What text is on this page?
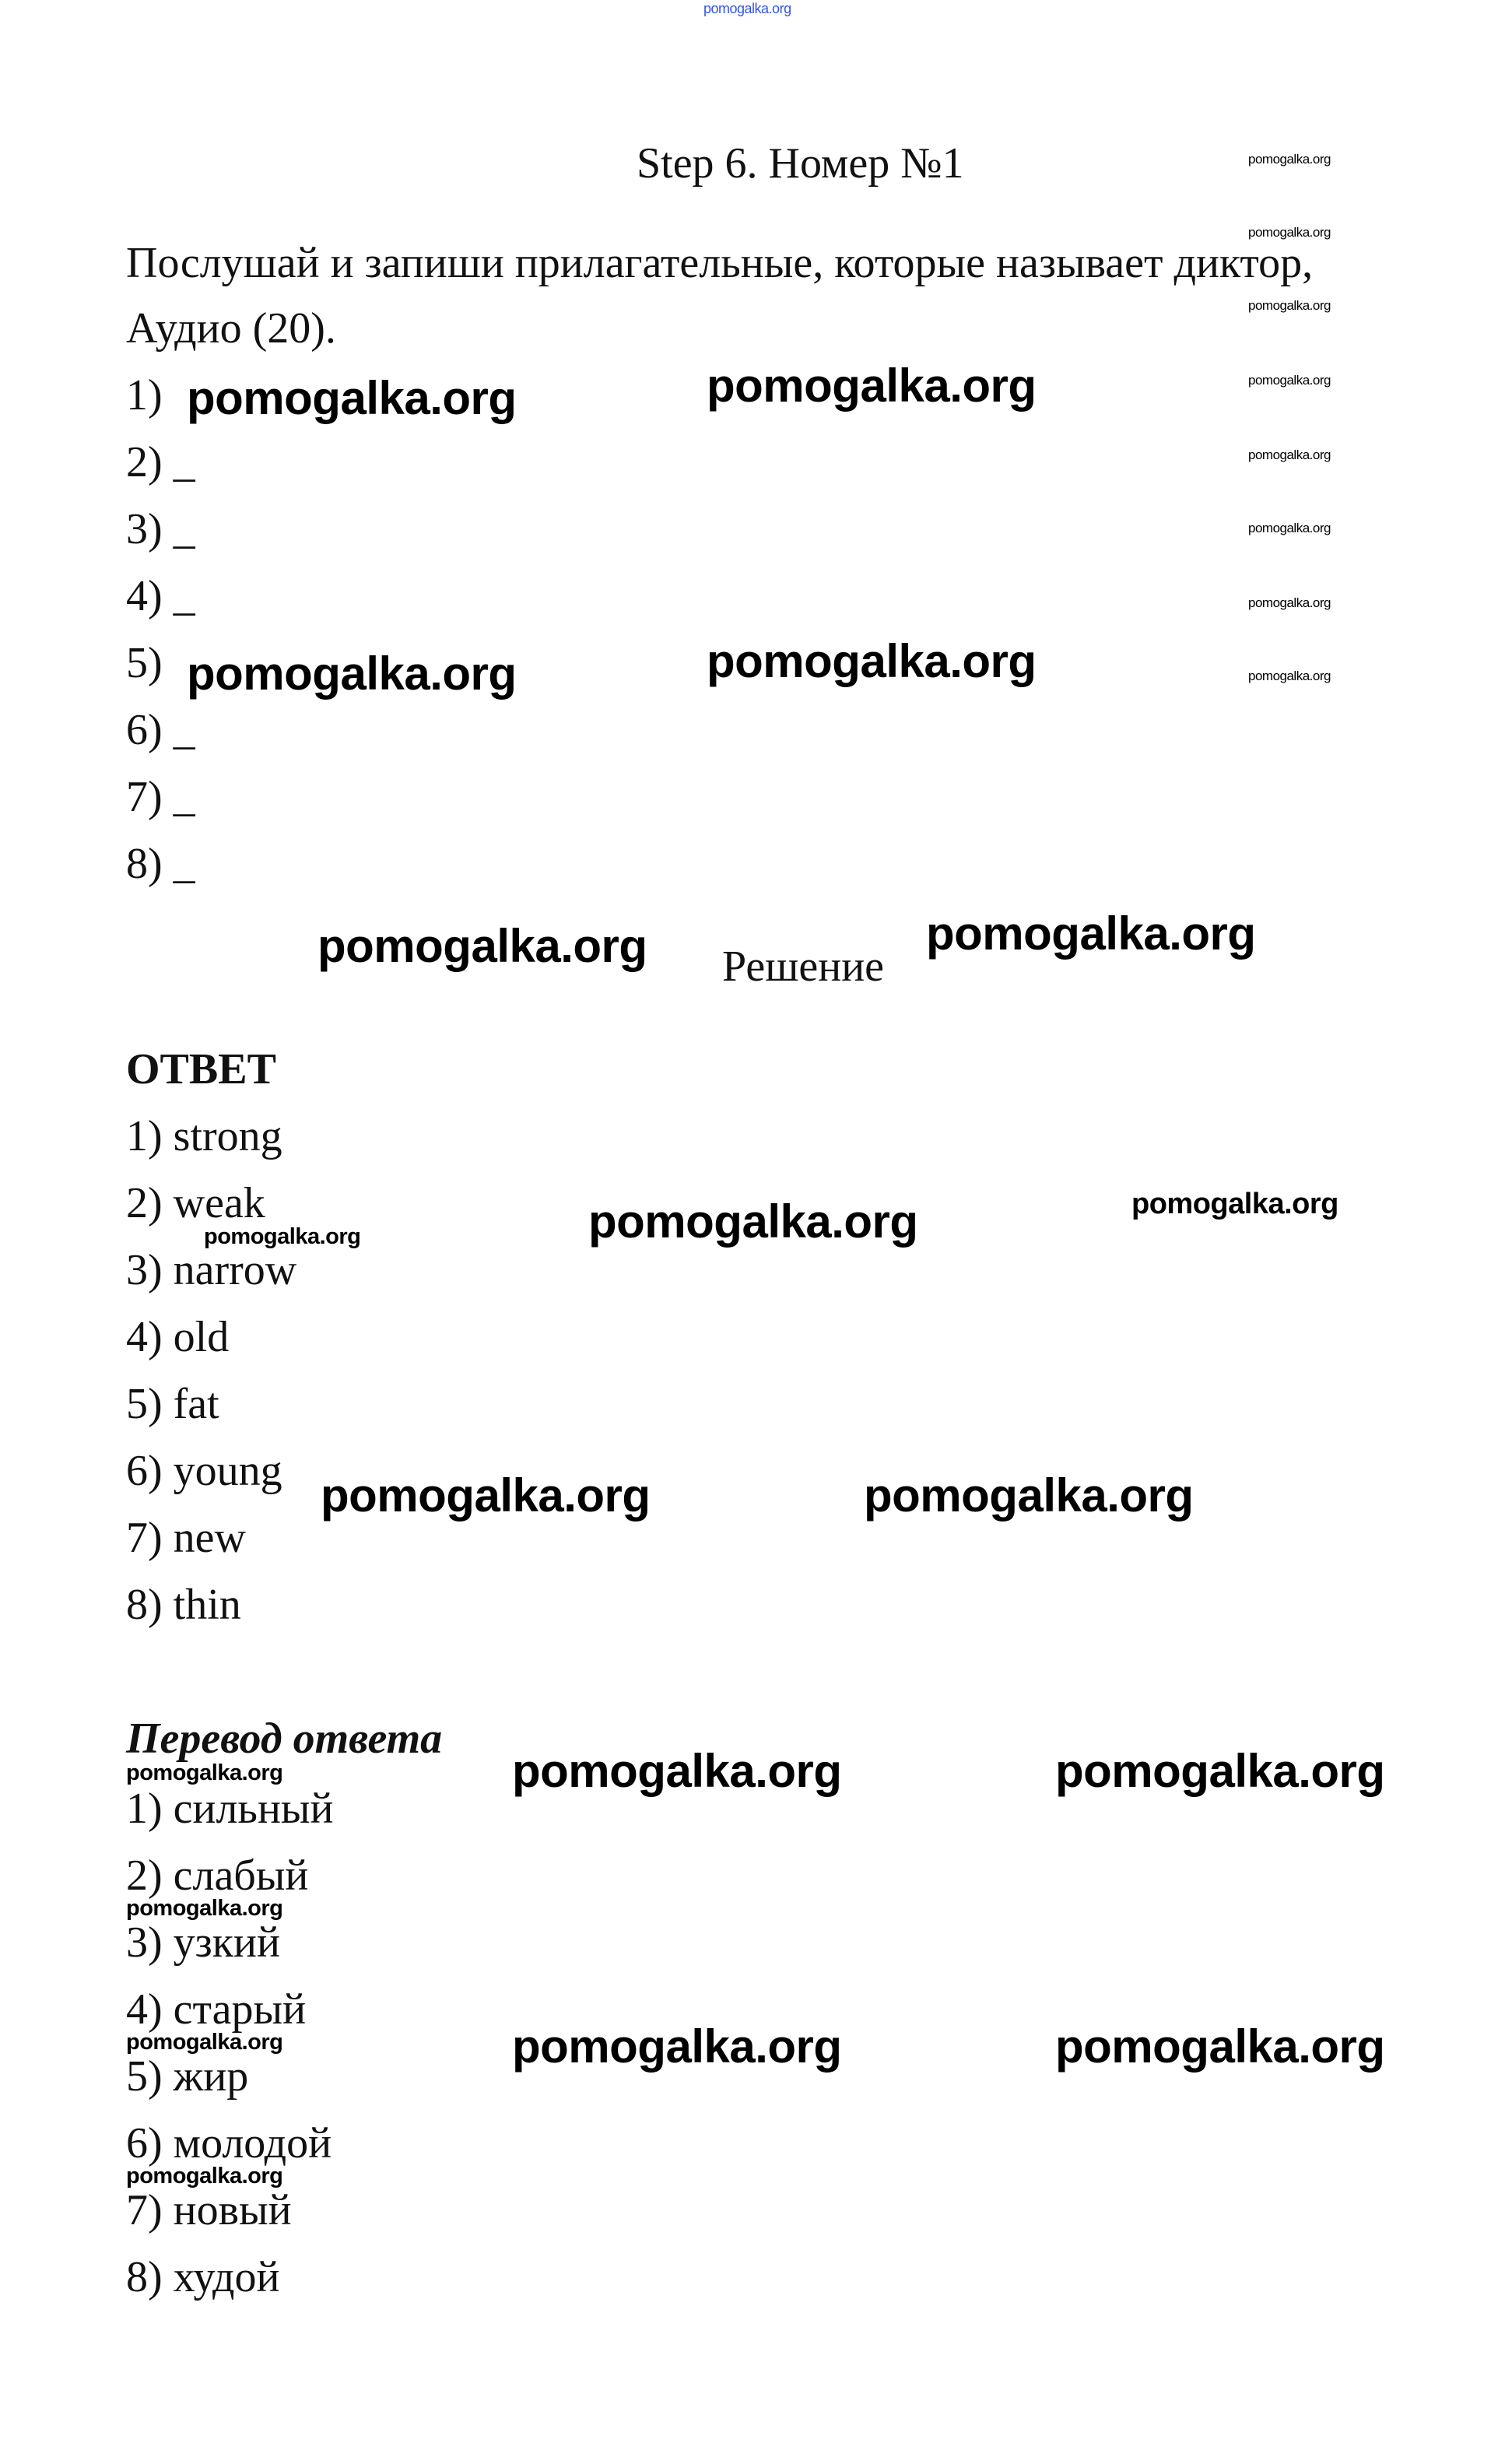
pomogalka.org
pomogalka.org
pomogalka.org
pomogalka.org
pomogalka.org
pomogalka.org
pomogalka.org
pomogalka.org
pomogalka.org
Step 6. Номер №1
Послушай и запиши прилагательные, которые называет диктор,
Аудио (20).
1)
2) _
3) _
4) _
5)
6) _
7) _
8) _
pomogalka.org	pomogalka.org
pomogalka.org	pomogalka.org
Решение
pomogalka.org	pomogalka.org
ОТВЕТ
1) strong
2) weak
3) narrow
4) old
5) fat
6) young
7) new
8) thin
pomogalka.org
pomogalka.org	pomogalka.org
pomogalka.org	pomogalka.org
Перевод ответа
1) сильный
2) слабый
3) узкий
4) старый
5) жир
6) молодой
7) новый
8) худой
pomogalka.org
pomogalka.org
pomogalka.org
pomogalka.org
pomogalka.org	pomogalka.org
pomogalka.org	pomogalka.org
